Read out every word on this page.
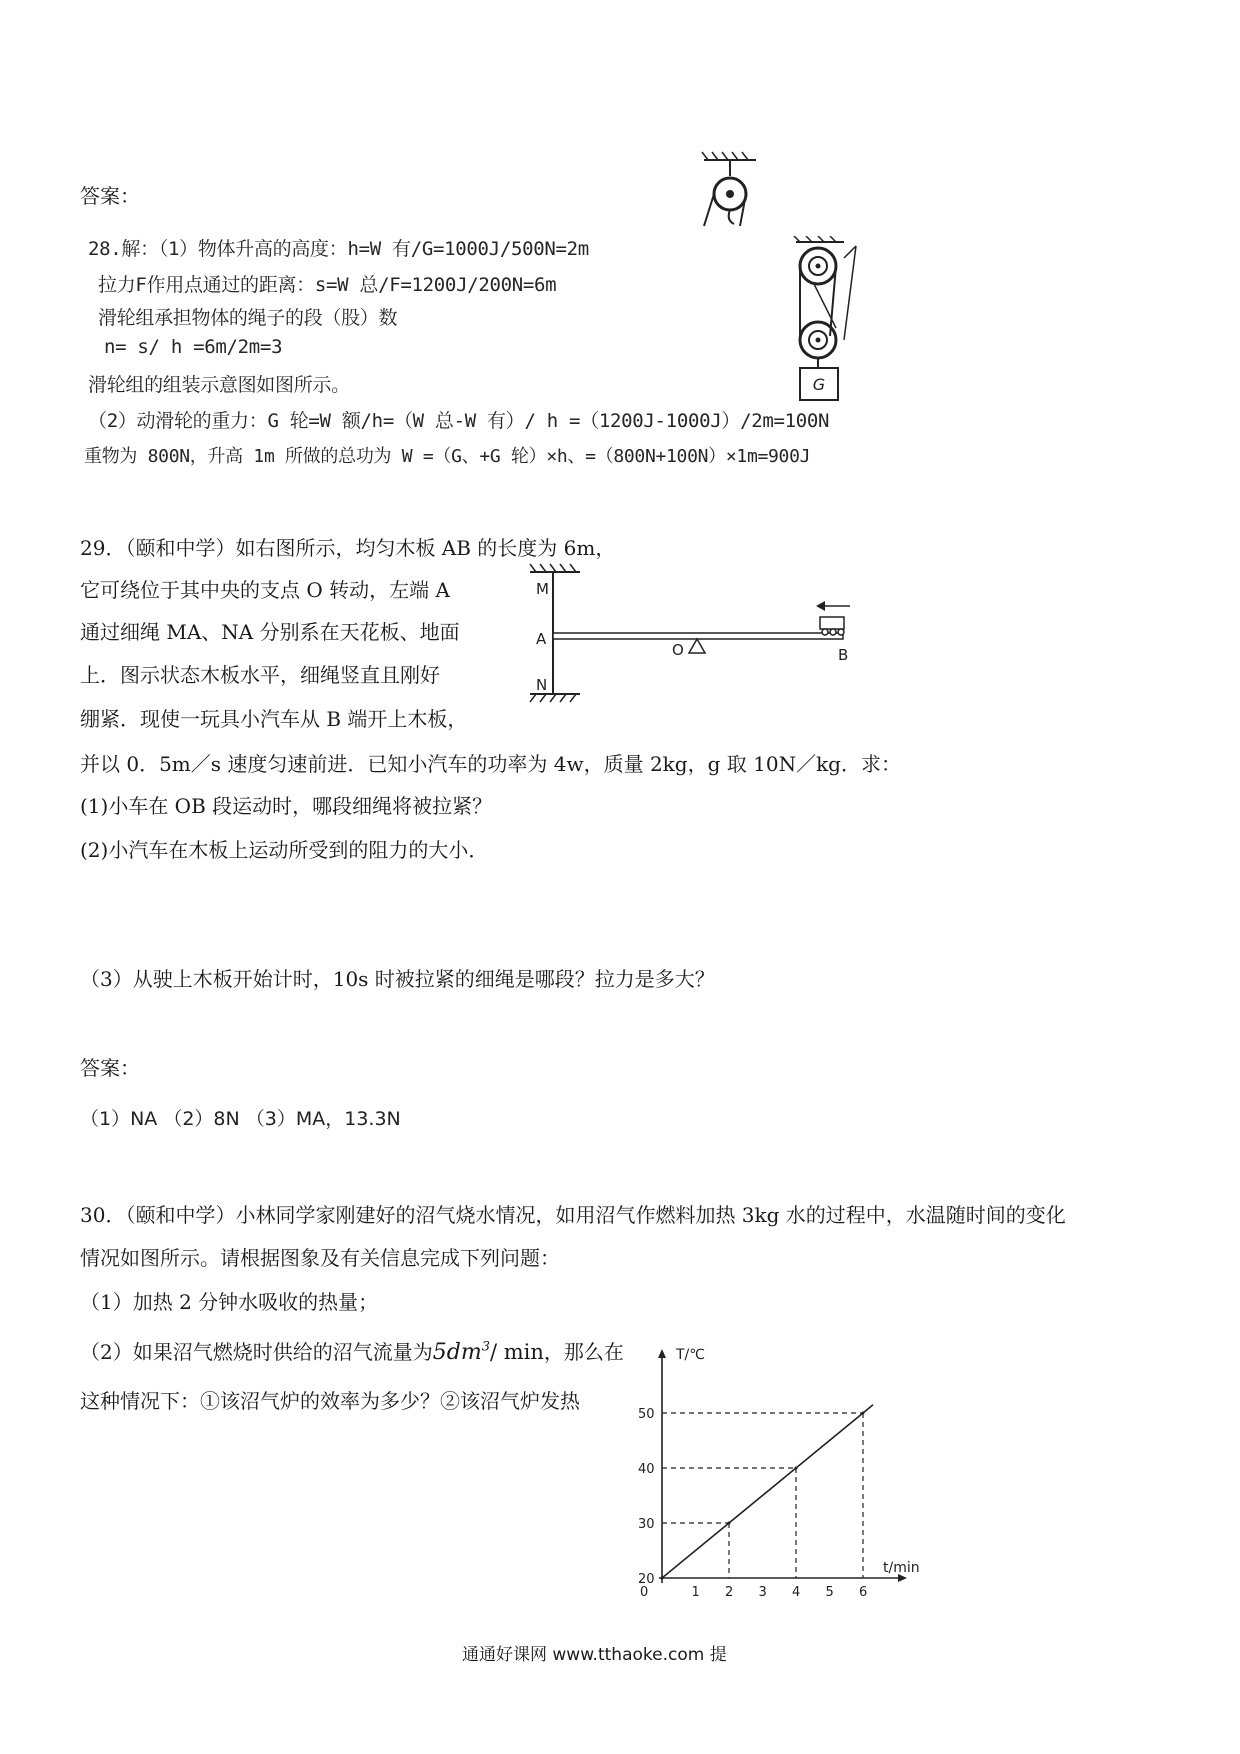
答案：
28.解：（1）物体升高的高度：h=W 有/G=1000J/500N=2m
拉力F作用点通过的距离：s=W 总/F=1200J/200N=6m
滑轮组承担物体的绳子的段（股）数
n= s/ h =6m/2m=3
滑轮组的组装示意图如图所示。
（2）动滑轮的重力：G 轮=W 额/h=（W 总-W 有）/ h =（1200J-1000J）/2m=100N
重物为 800N，升高 1m 所做的总功为 W =（G、+G 轮）×h、=（800N+100N）×1m=900J
G
29．（颐和中学）如右图所示，均匀木板 AB 的长度为 6m，
它可绕位于其中央的支点 O 转动，左端 A
通过细绳 MA、NA 分别系在天花板、地面
上．图示状态木板水平，细绳竖直且刚好
绷紧．现使一玩具小汽车从 B 端开上木板，
并以 0．5m／s 速度匀速前进．已知小汽车的功率为 4w，质量 2kg，g 取 10N／kg．求：
(1)小车在 OB 段运动时，哪段细绳将被拉紧？
(2)小汽车在木板上运动所受到的阻力的大小．
（3）从驶上木板开始计时，10s 时被拉紧的细绳是哪段？拉力是多大？
M
A
N
O	B
答案：
（1）NA （2）8N （3）MA，13.3N
30．（颐和中学）小林同学家刚建好的沼气烧水情况，如用沼气作燃料加热 3kg 水的过程中，水温随时间的变化
情况如图所示。请根据图象及有关信息完成下列问题：
（1）加热 2 分钟水吸收的热量；
（2）如果沼气燃烧时供给的沼气流量为$5dm^3/$ min，那么在
这种情况下：①该沼气炉的效率为多少？②该沼气炉发热
T/℃
t/min
0	1 2 3 4 5 6
20
30
40
50
通通好课网 www.tthaoke.com 提
